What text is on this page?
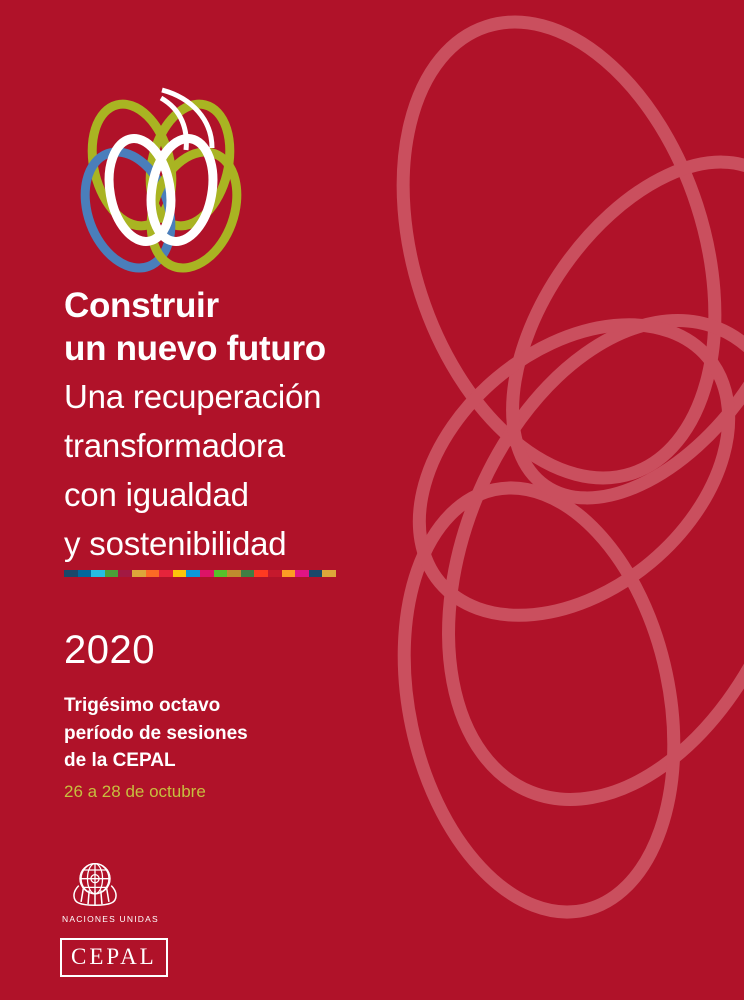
Construir
un nuevo futuro
Una recuperación
transformadora
con igualdad
y sostenibilidad
2020
Trigésimo octavo
período de sesiones
de la CEPAL
26 a 28 de octubre
NACIONES UNIDAS
CEPAL
